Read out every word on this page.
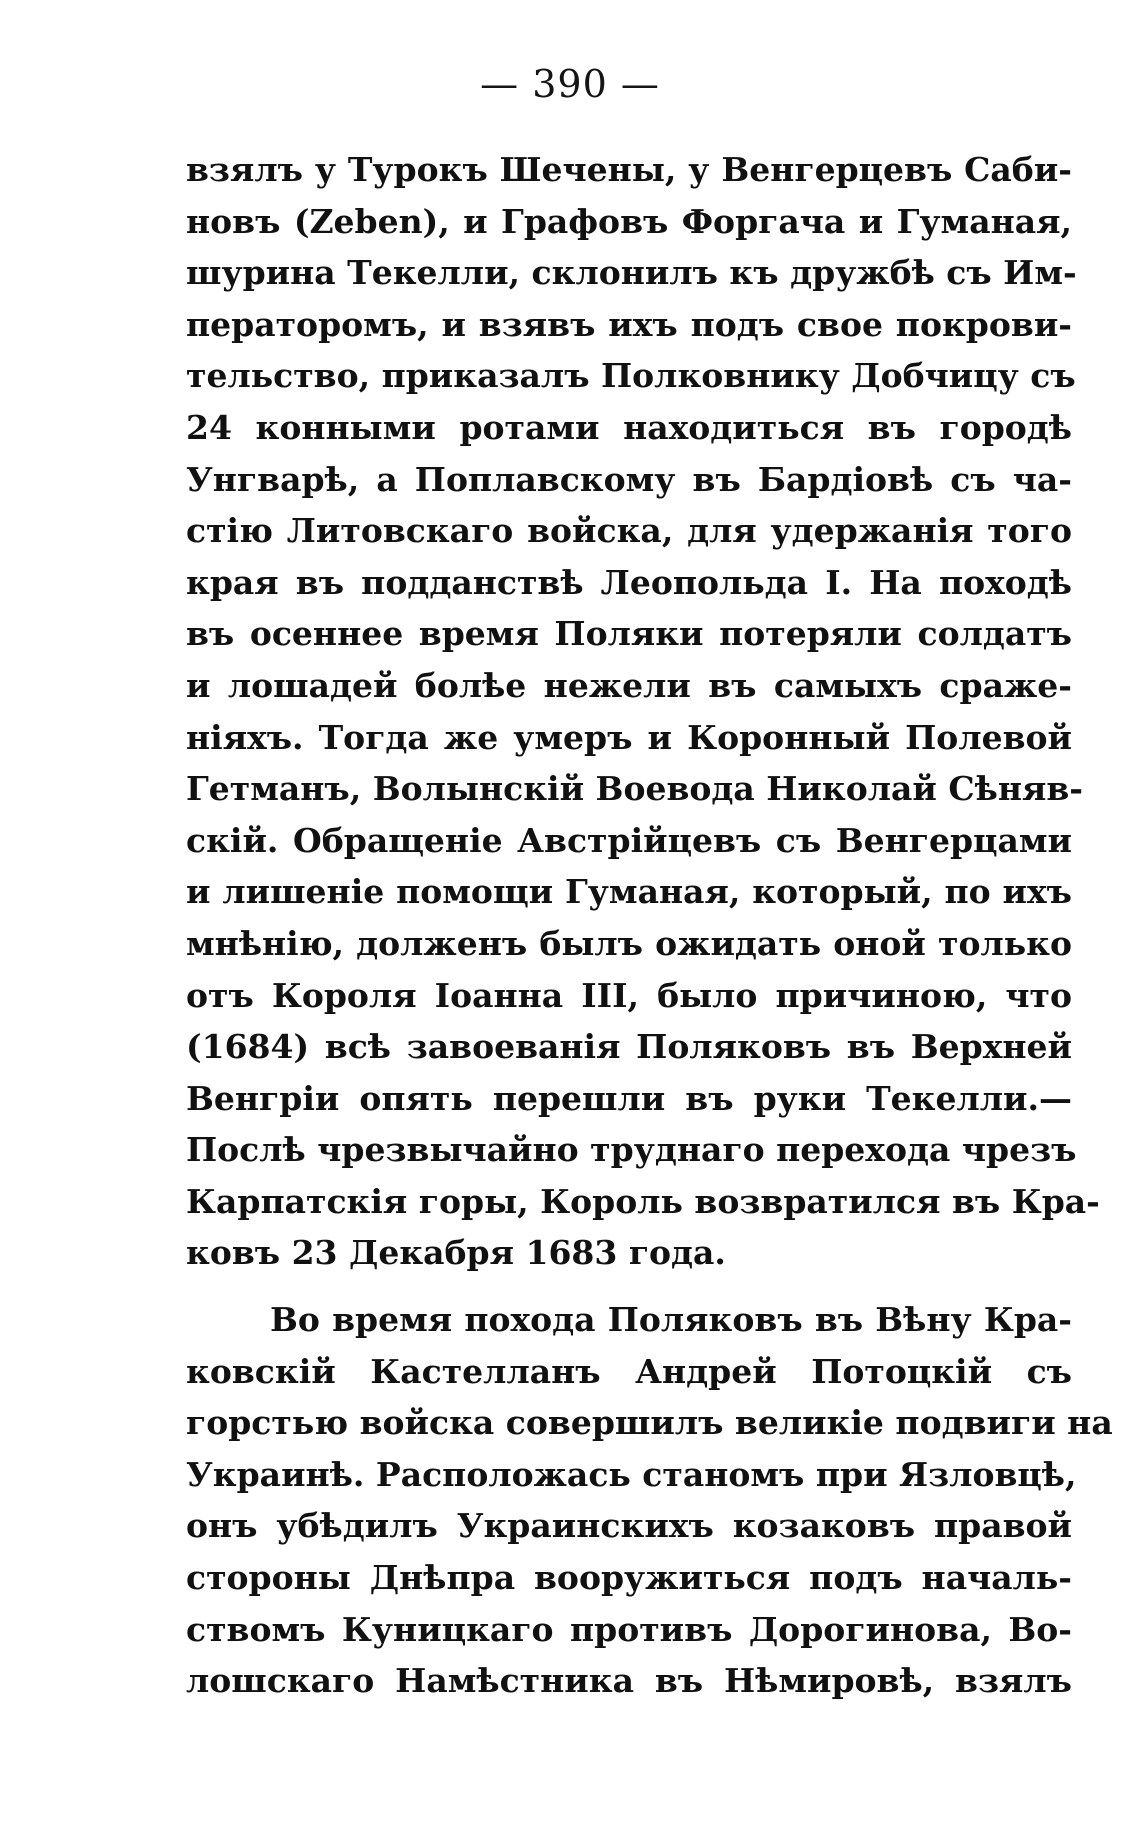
— 390 —
взялъ у Турокъ Шечены, у Венгерцевъ Саби-
новъ (Zeben), и Графовъ Форгача и Гуманая,
шурина Текелли, склонилъ къ дружбѣ съ Им-
ператоромъ, и взявъ ихъ подъ свое покрови-
тельство, приказалъ Полковнику Добчицу съ
24 конными ротами находиться въ городѣ
Унгварѣ, а Поплавскому въ Бардіовѣ съ ча-
стію Литовскаго войска, для удержанія того
края въ подданствѣ Леопольда I. На походѣ
въ осеннее время Поляки потеряли солдатъ
и лошадей болѣе нежели въ самыхъ сраже-
ніяхъ. Тогда же умеръ и Коронный Полевой
Гетманъ, Волынскій Воевода Николай Сѣняв-
скій. Обращеніе Австрійцевъ съ Венгерцами
и лишеніе помощи Гуманая, который, по ихъ
мнѣнію, долженъ былъ ожидать оной только
отъ Короля Іоанна III, было причиною, что
(1684) всѣ завоеванія Поляковъ въ Верхней
Венгріи опять перешли въ руки Текелли.—
Послѣ чрезвычайно труднаго перехода чрезъ
Карпатскія горы, Король возвратился въ Кра-
ковъ 23 Декабря 1683 года.
Во время похода Поляковъ въ Вѣну Кра-
ковскій Кастелланъ Андрей Потоцкій съ
горстью войска совершилъ великіе подвиги на
Украинѣ. Расположась станомъ при Язловцѣ,
онъ убѣдилъ Украинскихъ козаковъ правой
стороны Днѣпра вооружиться подъ началь-
ствомъ Куницкаго противъ Дорогинова, Во-
лошскаго Намѣстника въ Нѣмировѣ, взялъ
